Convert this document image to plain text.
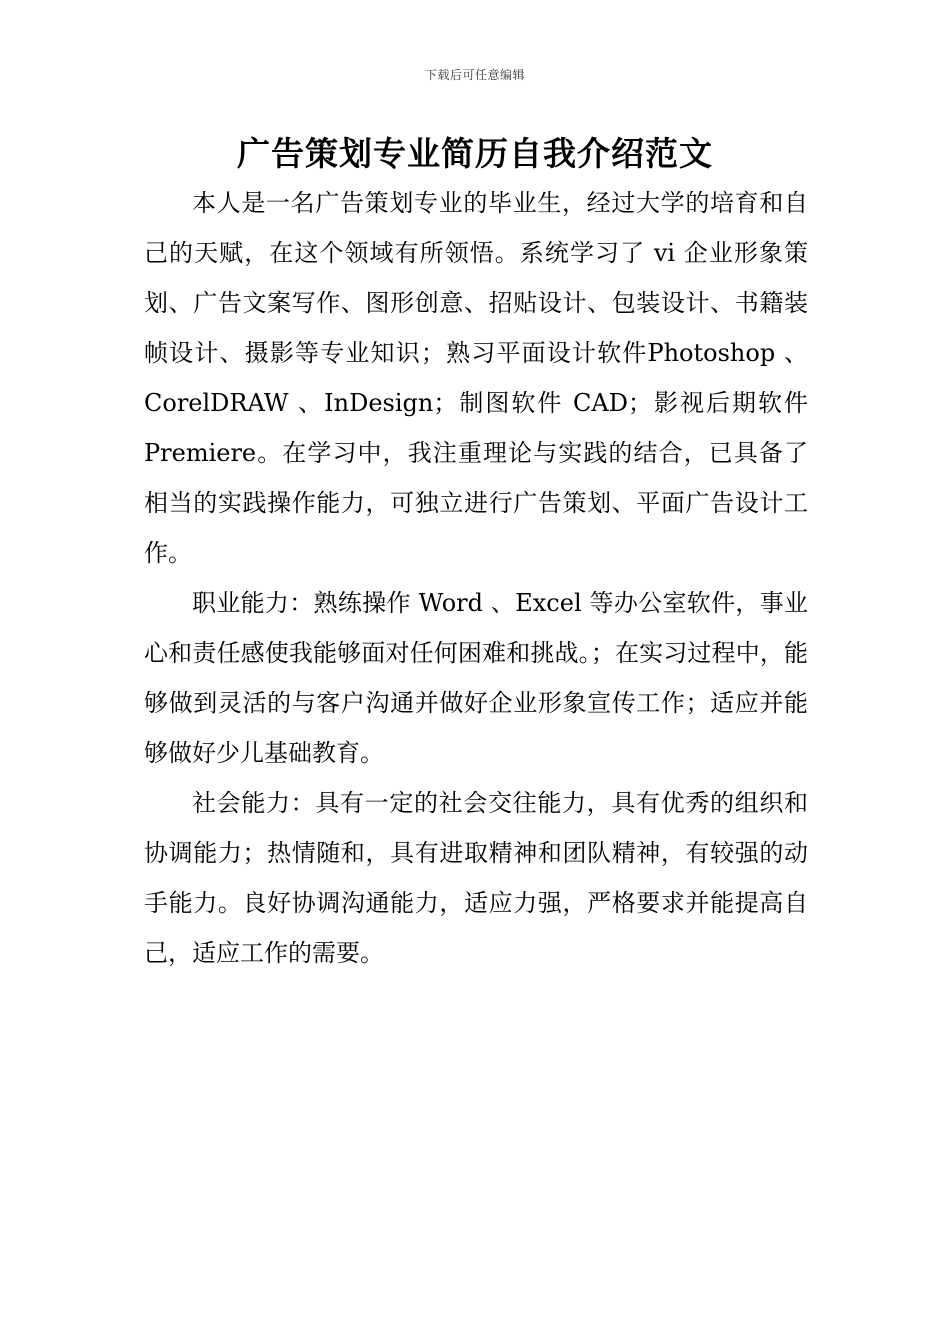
下载后可任意编辑
广告策划专业简历自我介绍范文

本人是一名广告策划专业的毕业生，经过大学的培育和自己的天赋，在这个领域有所领悟。系统学习了 vi 企业形象策划、广告文案写作、图形创意、招贴设计、包装设计、书籍装帧设计、摄影等专业知识；熟习平面设计软件Photoshop 、CorelDRAW 、InDesign；制图软件 CAD；影视后期软件 Premiere。在学习中，我注重理论与实践的结合，已具备了相当的实践操作能力，可独立进行广告策划、平面广告设计工作。

职业能力：熟练操作 Word 、Excel 等办公室软件，事业心和责任感使我能够面对任何困难和挑战。；在实习过程中，能够做到灵活的与客户沟通并做好企业形象宣传工作；适应并能够做好少儿基础教育。

社会能力：具有一定的社会交往能力，具有优秀的组织和协调能力；热情随和，具有进取精神和团队精神，有较强的动手能力。良好协调沟通能力，适应力强，严格要求并能提高自己，适应工作的需要。
